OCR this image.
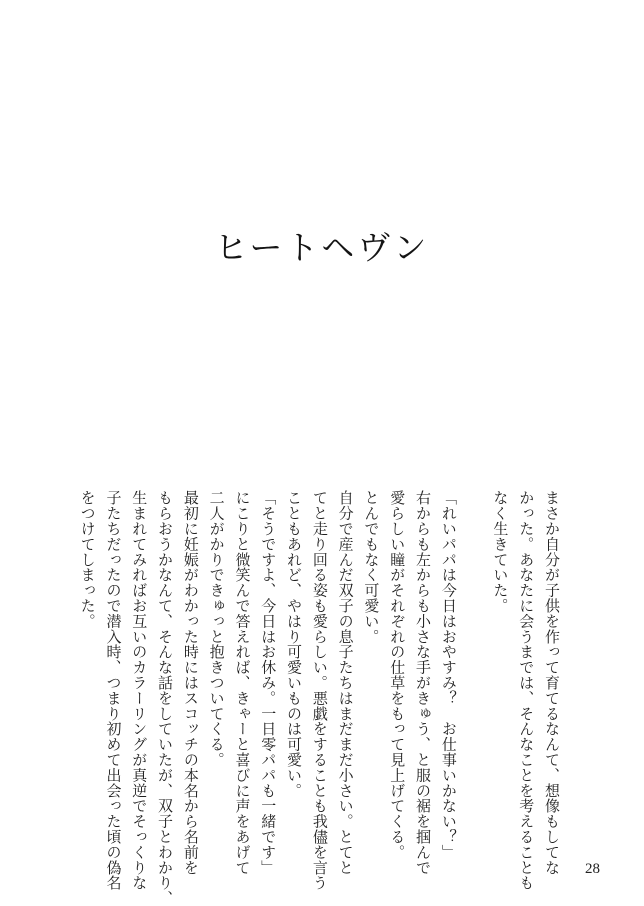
ヒートヘヴン
まさか自分が子供を作って育てるなんて、想像もしてな
かった。あなたに会うまでは、そんなことを考えることも
なく生きていた。

「れいパパは今日はおやすみ？　お仕事いかない？」
右からも左からも小さな手がきゅう、と服の裾を掴んで
愛らしい瞳がそれぞれの仕草をもって見上げてくる。
とんでもなく可愛い。
自分で産んだ双子の息子たちはまだまだ小さい。とてと
てと走り回る姿も愛らしい。悪戯をすることも我儘を言う
こともあれど、やはり可愛いものは可愛い。
「そうですよ、今日はお休み。一日零パパも一緒です」
にこりと微笑んで答えれば、きゃーと喜びに声をあげて
二人がかりできゅっと抱きついてくる。
最初に妊娠がわかった時にはスコッチの本名から名前を
もらおうかなんて、そんな話をしていたが、双子とわかり、
生まれてみればお互いのカラーリングが真逆でそっくりな
子たちだったので潜入時、つまり初めて出会った頃の偽名
をつけてしまった。
28
